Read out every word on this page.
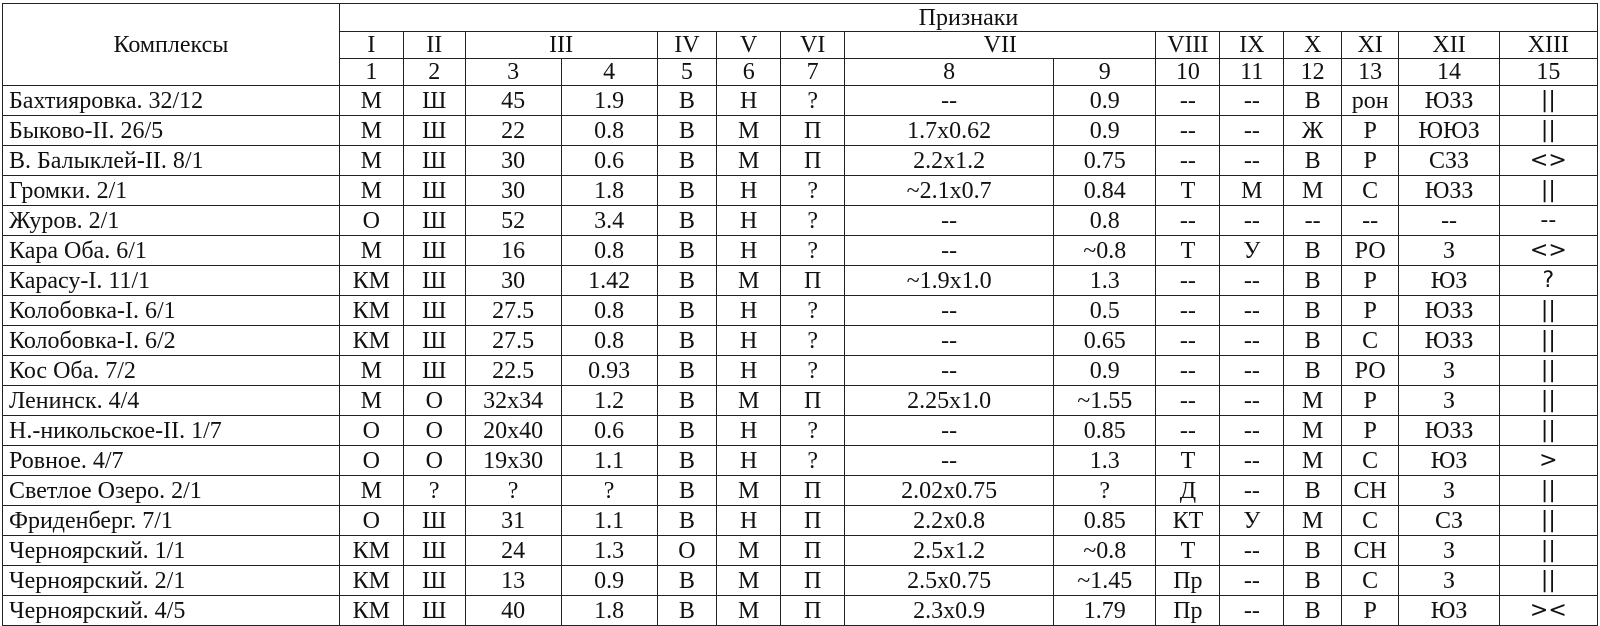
Комплексы	Признаки														
	I	II	III		IV	V	VI	VII		VIII	IX	X	XI	XII	XIII
	1	2	3	4	5	6	7	8	9	10	11	12	13	14	15
Бахтияровка. 32/12	М	Ш	45	1.9	В	Н	?	--	0.9	--	--	В	рон	ЮЗЗ	||
Быково-II. 26/5	М	Ш	22	0.8	В	М	П	1.7x0.62	0.9	--	--	Ж	Р	ЮЮЗ	||
В. Балыклей-II. 8/1	М	Ш	30	0.6	В	М	П	2.2x1.2	0.75	--	--	В	Р	СЗЗ	<>
Громки. 2/1	М	Ш	30	1.8	В	Н	?	~2.1x0.7	0.84	Т	М	М	С	ЮЗЗ	||
Журов. 2/1	О	Ш	52	3.4	В	Н	?	--	0.8	--	--	--	--	--	--
Кара Оба. 6/1	М	Ш	16	0.8	В	Н	?	--	~0.8	Т	У	В	РО	З	<>
Карасу-I. 11/1	КМ	Ш	30	1.42	В	М	П	~1.9x1.0	1.3	--	--	В	Р	ЮЗ	?
Колобовка-I. 6/1	КМ	Ш	27.5	0.8	В	Н	?	--	0.5	--	--	В	Р	ЮЗЗ	||
Колобовка-I. 6/2	КМ	Ш	27.5	0.8	В	Н	?	--	0.65	--	--	В	С	ЮЗЗ	||
Кос Оба. 7/2	М	Ш	22.5	0.93	В	Н	?	--	0.9	--	--	В	РО	З	||
Ленинск. 4/4	М	О	32x34	1.2	В	М	П	2.25x1.0	~1.55	--	--	М	Р	З	||
Н.-никольское-II. 1/7	О	О	20x40	0.6	В	Н	?	--	0.85	--	--	М	Р	ЮЗЗ	||
Ровное. 4/7	О	О	19x30	1.1	В	Н	?	--	1.3	Т	--	М	С	ЮЗ	>
Светлое Озеро. 2/1	М	?	?	?	В	М	П	2.02x0.75	?	Д	--	В	СН	З	||
Фриденберг. 7/1	О	Ш	31	1.1	В	Н	П	2.2x0.8	0.85	КТ	У	М	С	СЗ	||
Черноярский. 1/1	КМ	Ш	24	1.3	О	М	П	2.5x1.2	~0.8	Т	--	В	СН	З	||
Черноярский. 2/1	КМ	Ш	13	0.9	В	М	П	2.5x0.75	~1.45	Пр	--	В	С	З	||
Черноярский. 4/5	КМ	Ш	40	1.8	В	М	П	2.3x0.9	1.79	Пр	--	В	Р	ЮЗ	><
